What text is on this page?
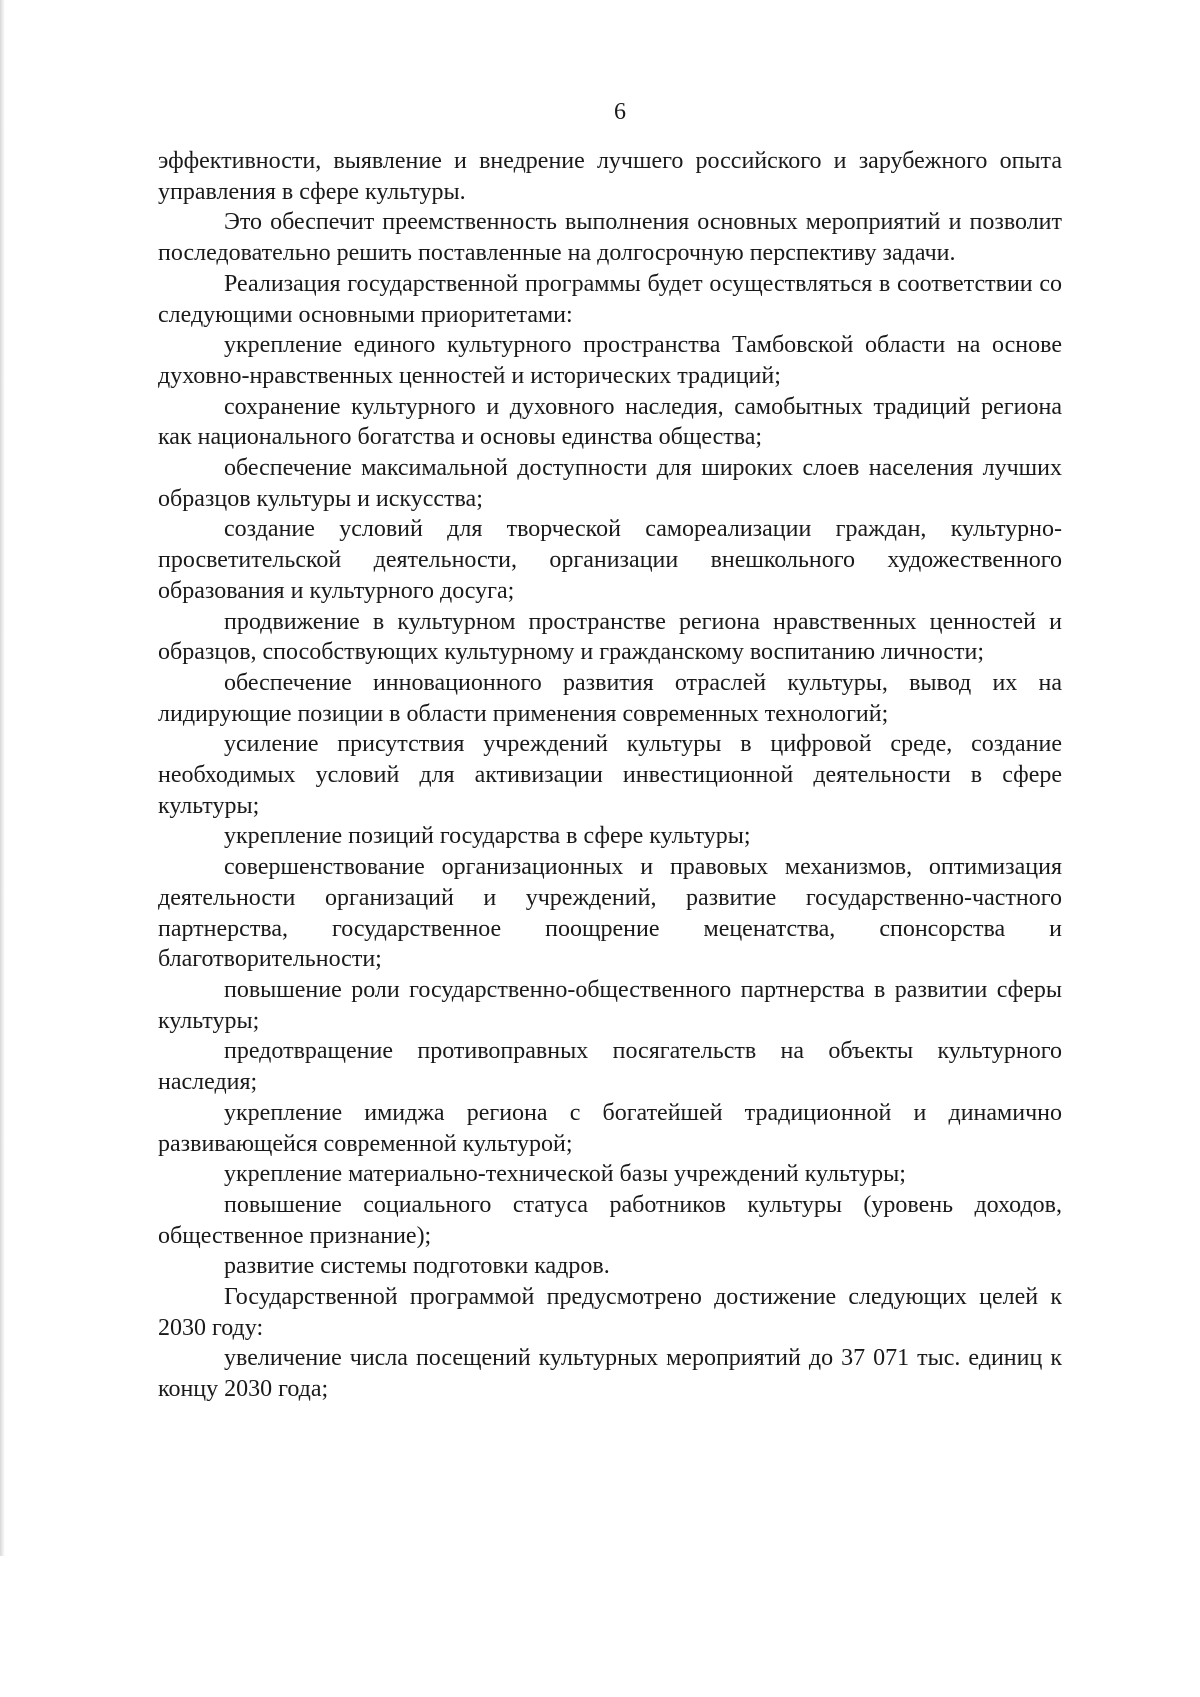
6

эффективности, выявление и внедрение лучшего российского и зарубежного опыта управления в сфере культуры.

Это обеспечит преемственность выполнения основных мероприятий и позволит последовательно решить поставленные на долгосрочную перспективу задачи.

Реализация государственной программы будет осуществляться в соответствии со следующими основными приоритетами:

укрепление единого культурного пространства Тамбовской области на основе духовно-нравственных ценностей и исторических традиций;

сохранение культурного и духовного наследия, самобытных традиций региона как национального богатства и основы единства общества;

обеспечение максимальной доступности для широких слоев населения лучших образцов культуры и искусства;

создание условий для творческой самореализации граждан, культурно-просветительской деятельности, организации внешкольного художественного образования и культурного досуга;

продвижение в культурном пространстве региона нравственных ценностей и образцов, способствующих культурному и гражданскому воспитанию личности;

обеспечение инновационного развития отраслей культуры, вывод их на лидирующие позиции в области применения современных технологий;

усиление присутствия учреждений культуры в цифровой среде, создание необходимых условий для активизации инвестиционной деятельности в сфере культуры;

укрепление позиций государства в сфере культуры;

совершенствование организационных и правовых механизмов, оптимизация деятельности организаций и учреждений, развитие государственно-частного партнерства, государственное поощрение меценатства, спонсорства и благотворительности;

повышение роли государственно-общественного партнерства в развитии сферы культуры;

предотвращение противоправных посягательств на объекты культурного наследия;

укрепление имиджа региона с богатейшей традиционной и динамично развивающейся современной культурой;

укрепление материально-технической базы учреждений культуры;

повышение социального статуса работников культуры (уровень доходов, общественное признание);

развитие системы подготовки кадров.

Государственной программой предусмотрено достижение следующих целей к 2030 году:

увеличение числа посещений культурных мероприятий до 37 071 тыс. единиц к концу 2030 года;
